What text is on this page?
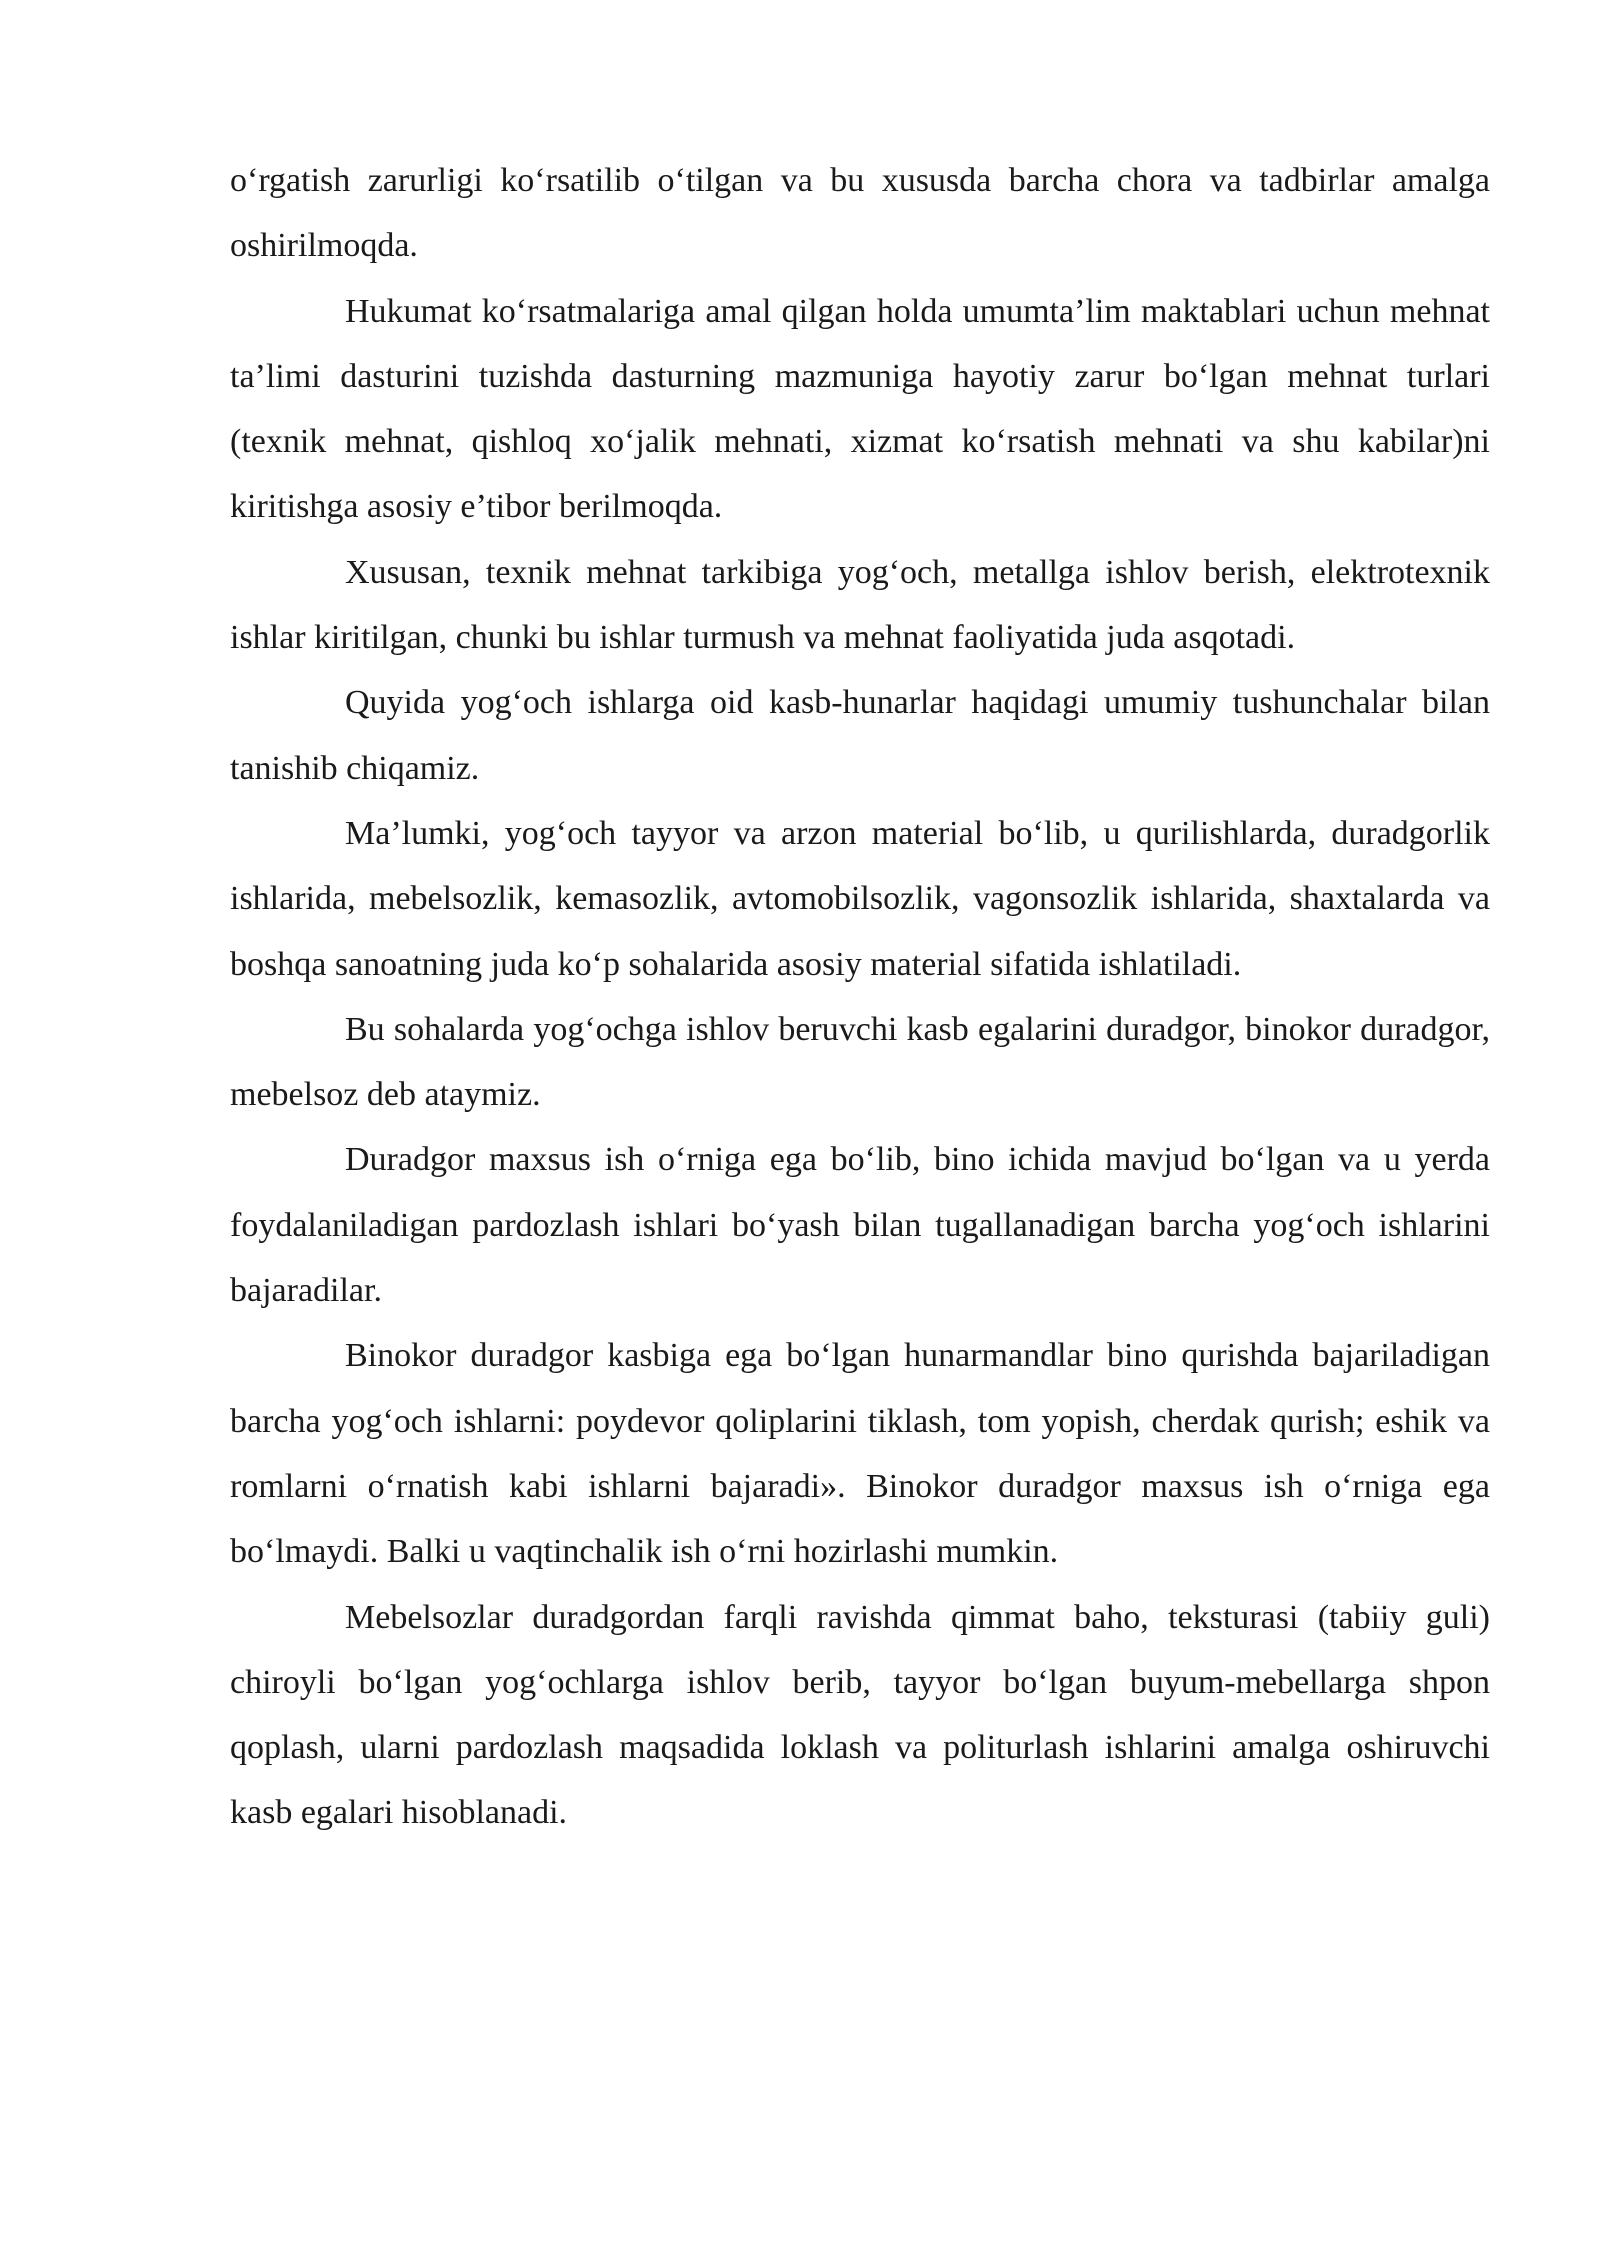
o‘rgatish zarurligi ko‘rsatilib o‘tilgan va bu xususda barcha chora va tadbirlar amalga oshirilmoqda.

Hukumat ko‘rsatmalariga amal qilgan holda umumta’lim maktablari uchun mehnat ta’limi dasturini tuzishda dasturning mazmuniga hayotiy zarur bo‘lgan mehnat turlari (texnik mehnat, qishloq xo‘jalik mehnati, xizmat ko‘rsatish mehnati va shu kabilar)ni kiritishga asosiy e’tibor berilmoqda.

Xususan, texnik mehnat tarkibiga yog‘och, metallga ishlov berish, elektrotexnik ishlar kiritilgan, chunki bu ishlar turmush va mehnat faoliyatida juda asqotadi.

Quyida yog‘och ishlarga oid kasb-hunarlar haqidagi umumiy tushunchalar bilan tanishib chiqamiz.

Ma’lumki, yog‘och tayyor va arzon material bo‘lib, u qurilishlarda, duradgorlik ishlarida, mebelsozlik, kemasozlik, avtomobilsozlik, vagonsozlik ishlarida, shaxtalarda va boshqa sanoatning juda ko‘p sohalarida asosiy material sifatida ishlatiladi.

Bu sohalarda yog‘ochga ishlov beruvchi kasb egalarini duradgor, binokor duradgor, mebelsoz deb ataymiz.

Duradgor maxsus ish o‘rniga ega bo‘lib, bino ichida mavjud bo‘lgan va u yerda foydalaniladigan pardozlash ishlari bo‘yash bilan tugallanadigan barcha yog‘och ishlarini bajaradilar.

Binokor duradgor kasbiga ega bo‘lgan hunarmandlar bino qurishda bajariladigan barcha yog‘och ishlarni: poydevor qoliplarini tiklash, tom yopish, cherdak qurish; eshik va romlarni o‘rnatish kabi ishlarni bajaradi». Binokor duradgor maxsus ish o‘rniga ega bo‘lmaydi. Balki u vaqtinchalik ish o‘rni hozirlashi mumkin.

Mebelsozlar duradgordan farqli ravishda qimmat baho, teksturasi (tabiiy guli) chiroyli bo‘lgan yog‘ochlarga ishlov berib, tayyor bo‘lgan buyum-mebellarga shpon qoplash, ularni pardozlash maqsadida loklash va politurlash ishlarini amalga oshiruvchi kasb egalari hisoblanadi.
